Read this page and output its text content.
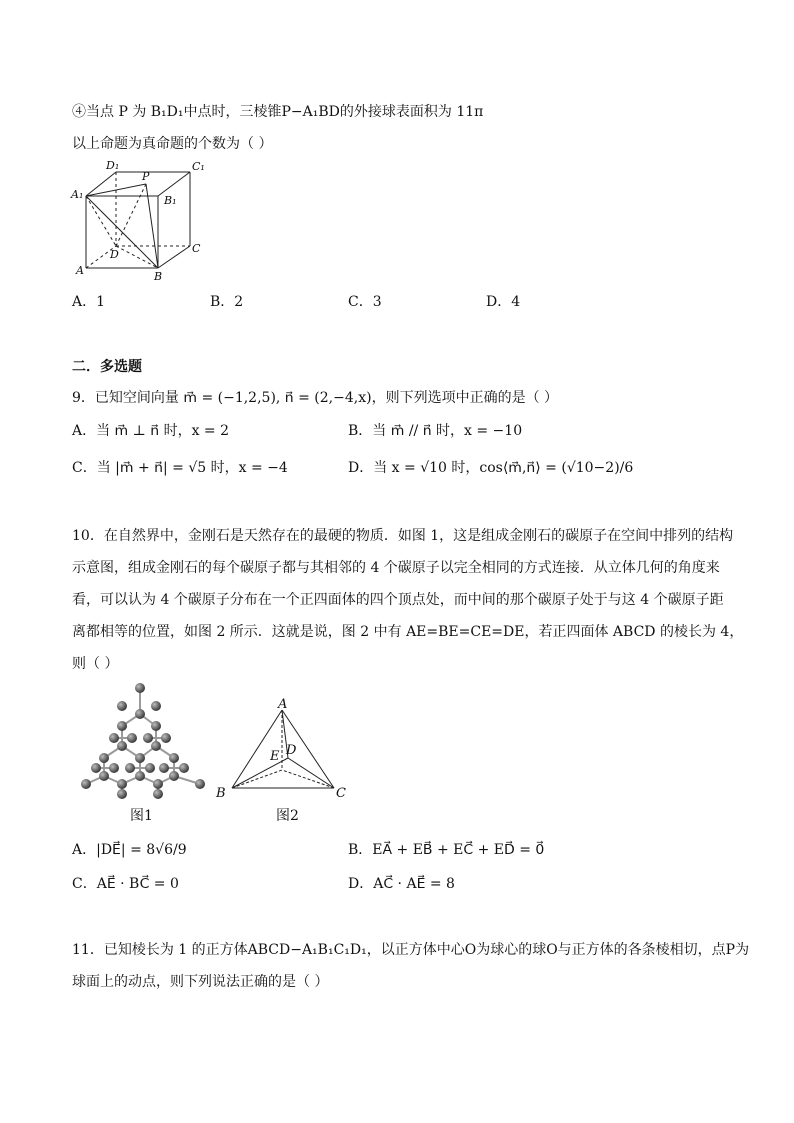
④当点 P 为 B₁D₁中点时，三棱锥P−A₁BD的外接球表面积为 11π
以上命题为真命题的个数为（ ）
D₁	C₁
P
A₁	B₁
D	C
A	B
A．1	B．2	C．3	D．4
二．多选题
9．已知空间向量 m⃗ = (−1,2,5), n⃗ = (2,−4,x)，则下列选项中正确的是（ ）
A．当 m⃗ ⊥ n⃗ 时，x = 2	B．当 m⃗ // n⃗ 时，x = −10
C．当 |m⃗ + n⃗| = √5 时，x = −4	D．当 x = √10 时，cos⟨m⃗,n⃗⟩ = (√10−2)/6
10．在自然界中，金刚石是天然存在的最硬的物质．如图 1，这是组成金刚石的碳原子在空间中排列的结构
示意图，组成金刚石的每个碳原子都与其相邻的 4 个碳原子以完全相同的方式连接．从立体几何的角度来
看，可以认为 4 个碳原子分布在一个正四面体的四个顶点处，而中间的那个碳原子处于与这 4 个碳原子距
离都相等的位置，如图 2 所示．这就是说，图 2 中有 AE=BE=CE=DE，若正四面体 ABCD 的棱长为 4，
则（ ）
图1
A
E D
B	C
图2
A．|DE⃗| = 8√6/9	B．EA⃗ + EB⃗ + EC⃗ + ED⃗ = 0⃗
C．AE⃗ · BC⃗ = 0	D．AC⃗ · AE⃗ = 8
11．已知棱长为 1 的正方体ABCD−A₁B₁C₁D₁，以正方体中心O为球心的球O与正方体的各条棱相切，点P为
球面上的动点，则下列说法正确的是（ ）
